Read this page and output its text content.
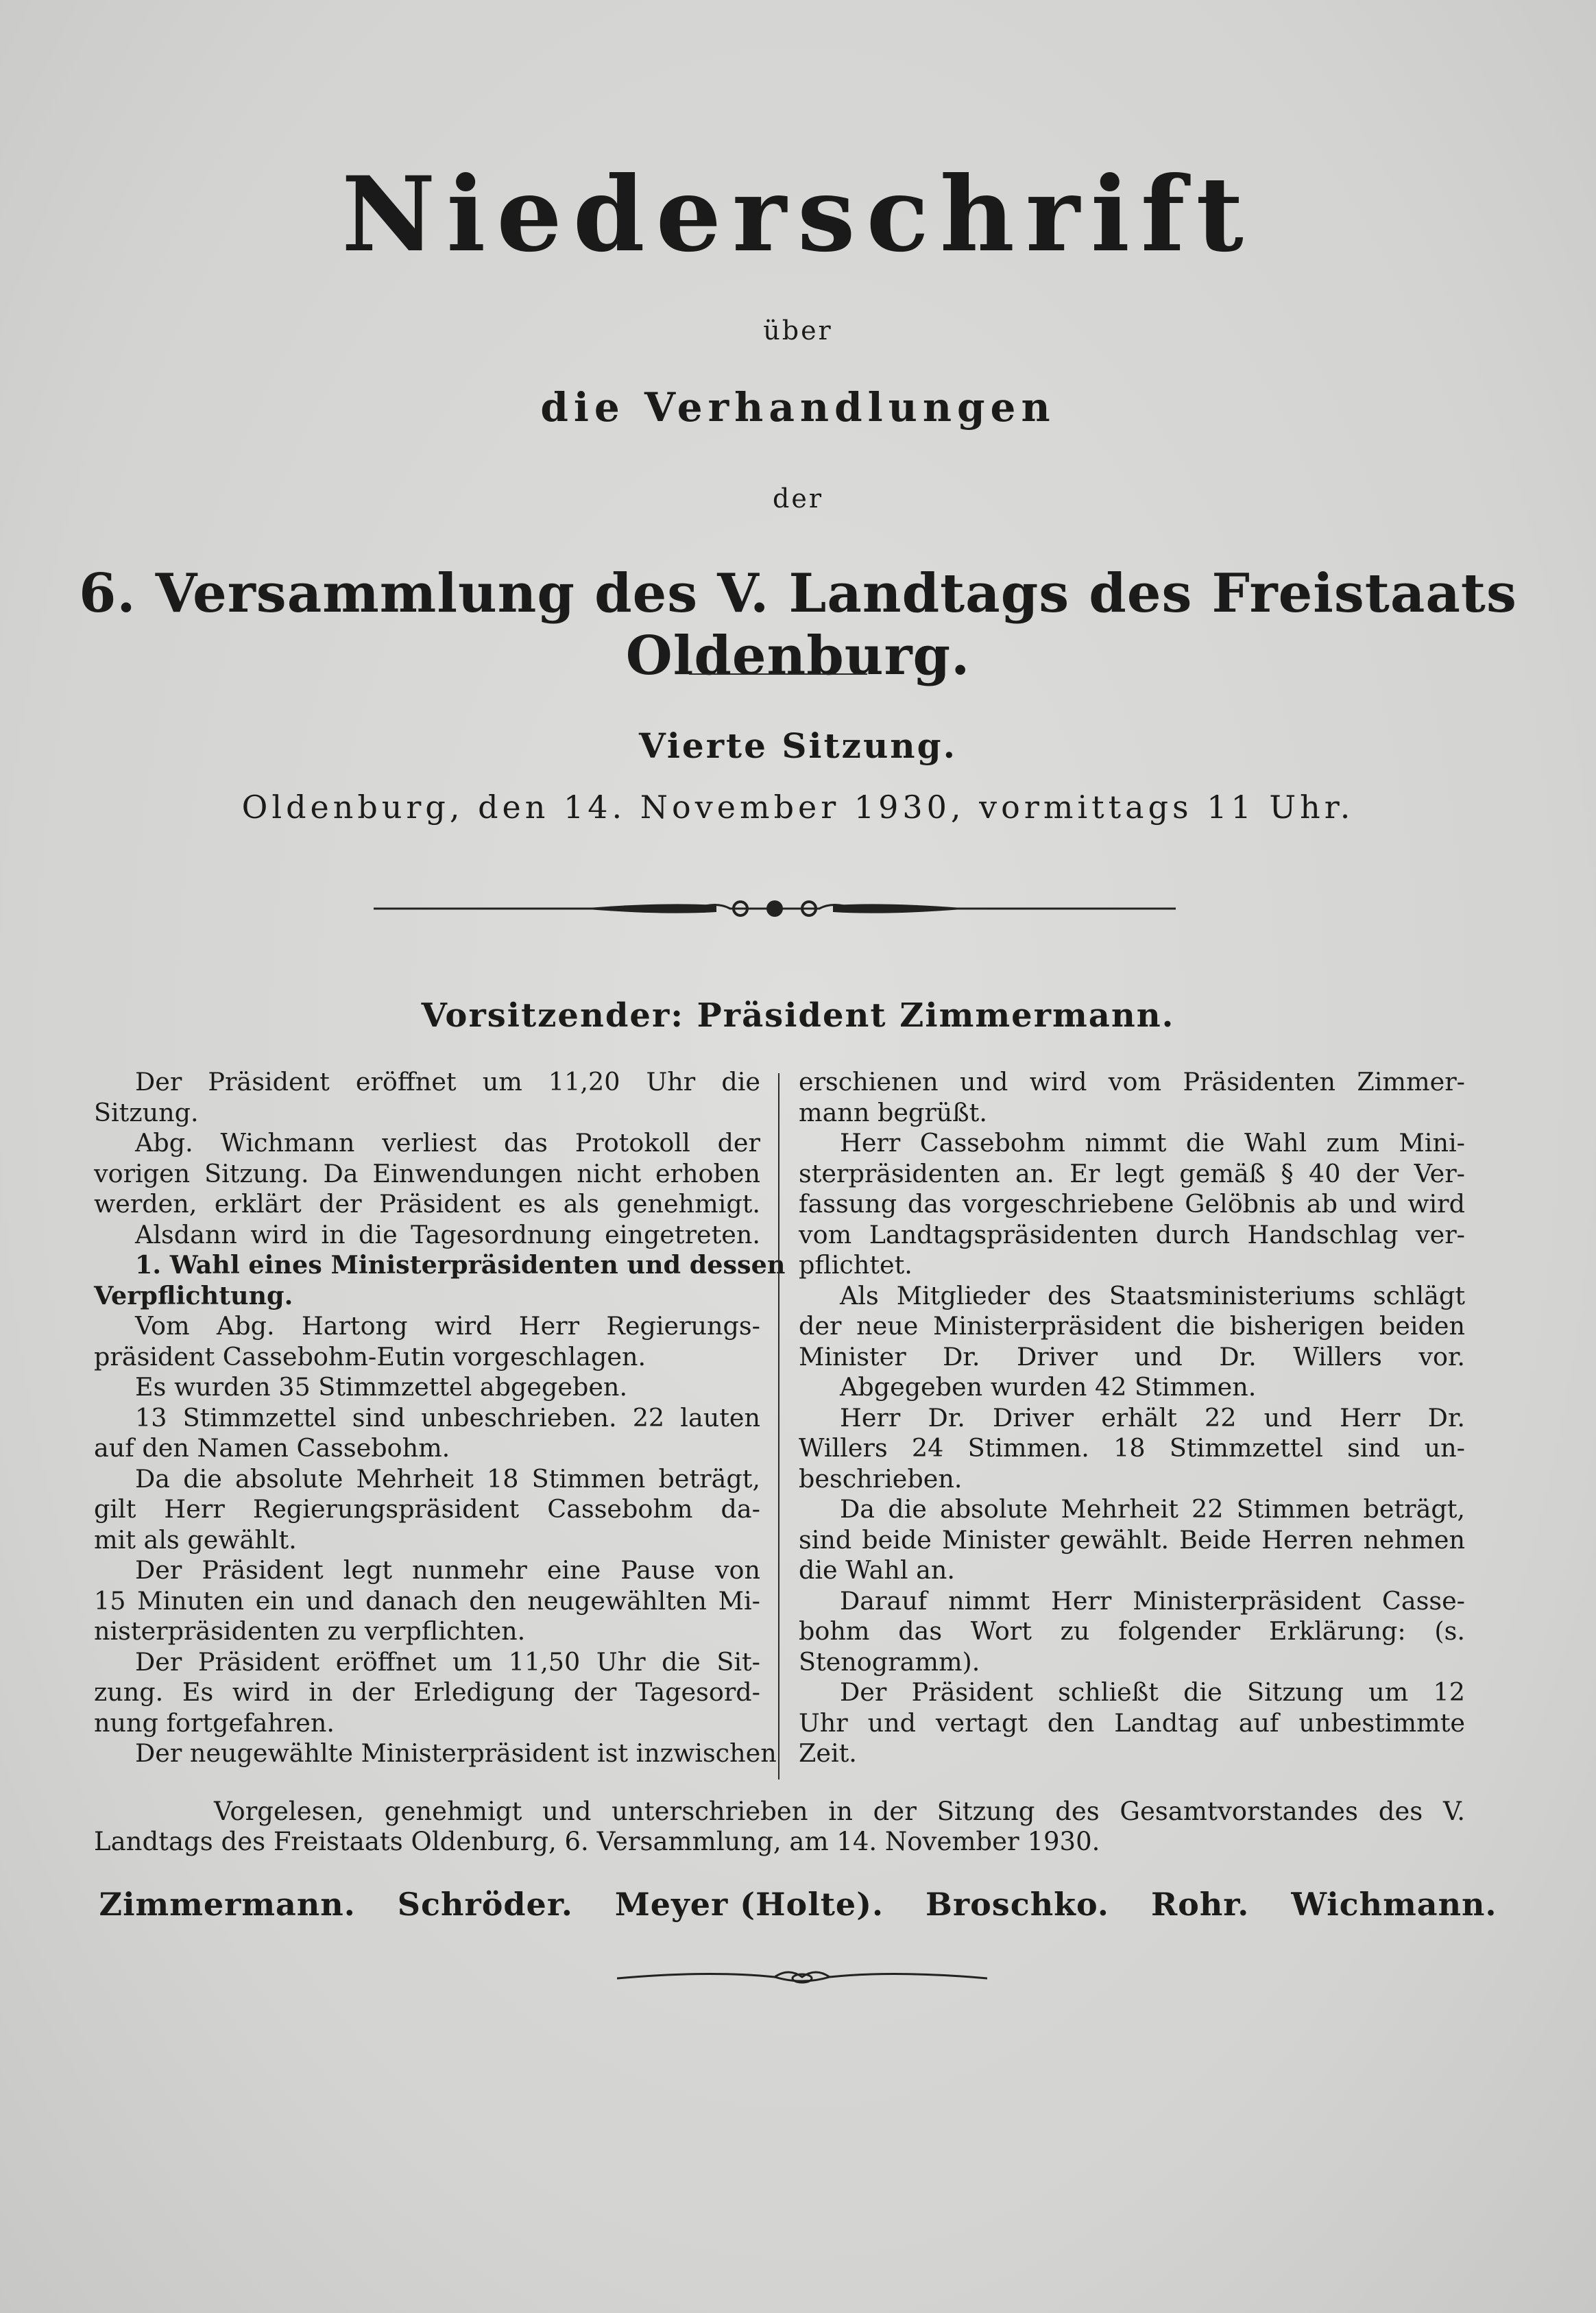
Niederschrift
über
die Verhandlungen
der
6. Versammlung des V. Landtags des Freistaats Oldenburg.
Vierte Sitzung.
Oldenburg, den 14. November 1930, vormittags 11 Uhr.
Vorsitzender: Präsident Zimmermann.
Der Präsident eröffnet um 11,20 Uhr die
Sitzung.
Abg. Wichmann verliest das Protokoll der
vorigen Sitzung. Da Einwendungen nicht erhoben
werden, erklärt der Präsident es als genehmigt.
Alsdann wird in die Tagesordnung eingetreten.
1. Wahl eines Ministerpräsidenten und dessen
Verpflichtung.
Vom Abg. Hartong wird Herr Regierungs-
präsident Cassebohm-Eutin vorgeschlagen.
Es wurden 35 Stimmzettel abgegeben.
13 Stimmzettel sind unbeschrieben. 22 lauten
auf den Namen Cassebohm.
Da die absolute Mehrheit 18 Stimmen beträgt,
gilt Herr Regierungspräsident Cassebohm da-
mit als gewählt.
Der Präsident legt nunmehr eine Pause von
15 Minuten ein und danach den neugewählten Mi-
nisterpräsidenten zu verpflichten.
Der Präsident eröffnet um 11,50 Uhr die Sit-
zung. Es wird in der Erledigung der Tagesord-
nung fortgefahren.
Der neugewählte Ministerpräsident ist inzwischen
erschienen und wird vom Präsidenten Zimmer-
mann begrüßt.
Herr Cassebohm nimmt die Wahl zum Mini-
sterpräsidenten an. Er legt gemäß § 40 der Ver-
fassung das vorgeschriebene Gelöbnis ab und wird
vom Landtagspräsidenten durch Handschlag ver-
pflichtet.
Als Mitglieder des Staatsministeriums schlägt
der neue Ministerpräsident die bisherigen beiden
Minister Dr. Driver und Dr. Willers vor.
Abgegeben wurden 42 Stimmen.
Herr Dr. Driver erhält 22 und Herr Dr.
Willers 24 Stimmen. 18 Stimmzettel sind un-
beschrieben.
Da die absolute Mehrheit 22 Stimmen beträgt,
sind beide Minister gewählt. Beide Herren nehmen
die Wahl an.
Darauf nimmt Herr Ministerpräsident Casse-
bohm das Wort zu folgender Erklärung: (s.
Stenogramm).
Der Präsident schließt die Sitzung um 12
Uhr und vertagt den Landtag auf unbestimmte
Zeit.
Vorgelesen, genehmigt und unterschrieben in der Sitzung des Gesamtvorstandes des V. Landtags des Freistaats Oldenburg, 6. Versammlung, am 14. November 1930.
Zimmermann. Schröder. Meyer (Holte). Broschko. Rohr. Wichmann.
